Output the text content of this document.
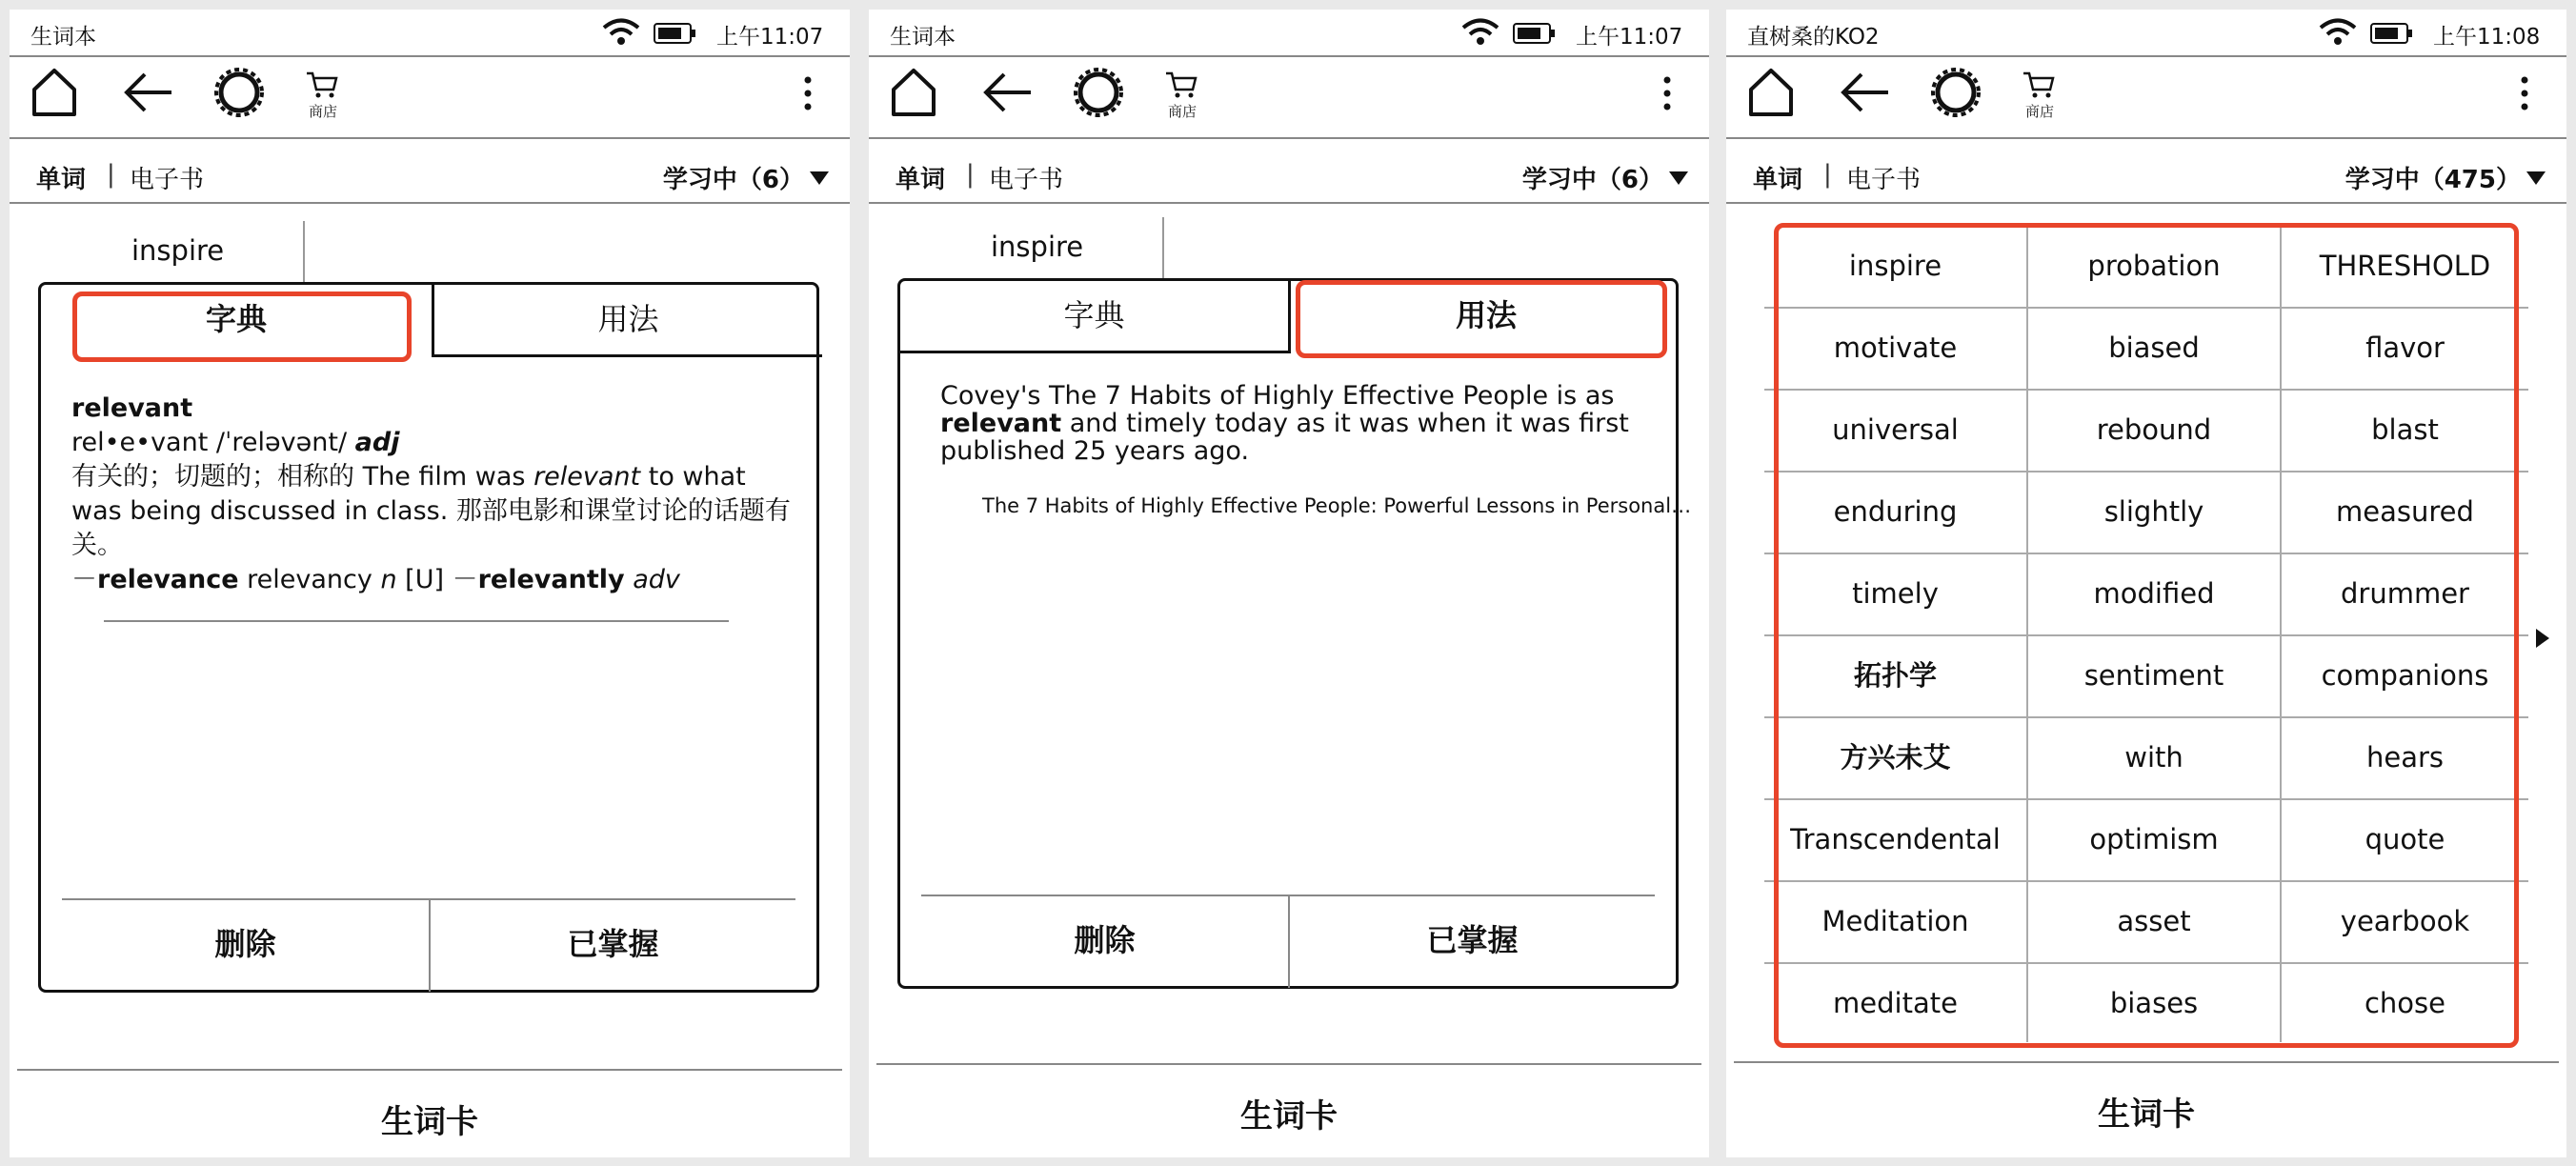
生词本	上午11:07
商店
单词 | 电子书	学习中（6）
inspire
字典	用法
relevant
rel•e•vant /ˈreləvənt/ adj
有关的；切题的；相称的 The film was relevant to what was being discussed in class. 那部电影和课堂讨论的话题有关。
－relevance relevancy n [U] －relevantly adv
删除	已掌握
生词卡
生词本	上午11:07
商店
单词 | 电子书	学习中（6）
inspire
字典	用法
Covey's The 7 Habits of Highly Effective People is as relevant and timely today as it was when it was first published 25 years ago.
The 7 Habits of Highly Effective People: Powerful Lessons in Personal…
删除	已掌握
生词卡
直树桑的KO2	上午11:08
商店
单词 | 电子书	学习中（475）
inspire	probation	THRESHOLD
motivate	biased	flavor
universal	rebound	blast
enduring	slightly	measured
timely	modified	drummer
拓扑学	sentiment	companions
方兴未艾	with	hears
Transcendental	optimism	quote
Meditation	asset	yearbook
meditate	biases	chose
生词卡
